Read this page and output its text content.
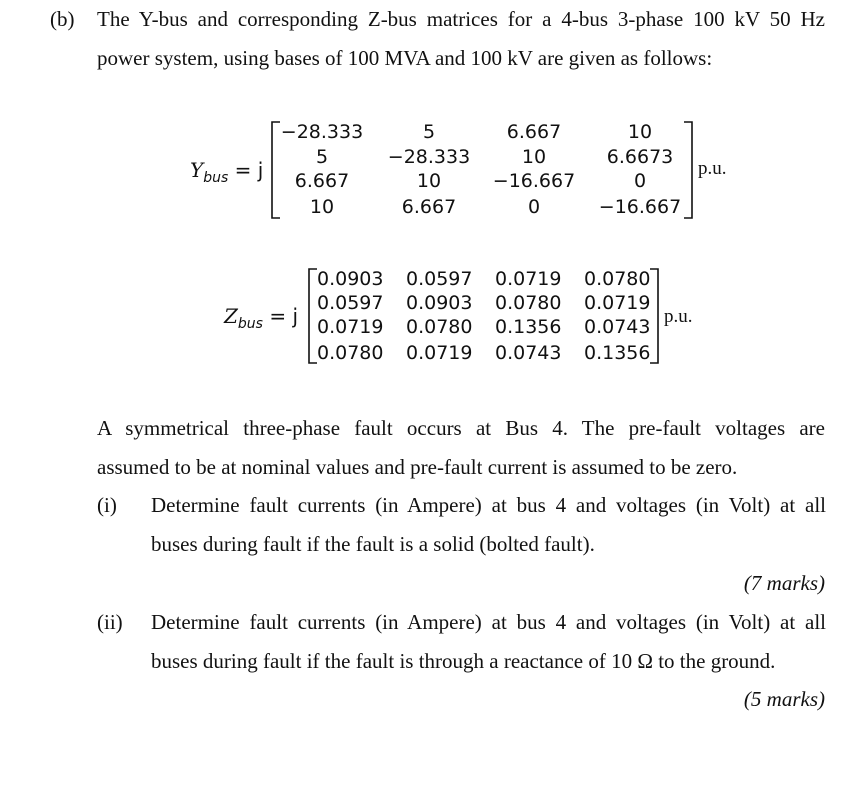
(b) The Y-bus and corresponding Z-bus matrices for a 4-bus 3-phase 100 kV 50 Hz
power system, using bases of 100 MVA and 100 kV are given as follows:
$Y_{bus} = j$
−28.333	5	6.667	10
5	−28.333	10	6.6673
6.667	10	−16.667	0
10	6.667	0	−16.667
p.u.
$Z_{bus} = j$
0.0903 0.0597 0.0719 0.0780
0.0597 0.0903 0.0780 0.0719
0.0719 0.0780 0.1356 0.0743
0.0780 0.0719 0.0743 0.1356
p.u.
A symmetrical three-phase fault occurs at Bus 4. The pre-fault voltages are
assumed to be at nominal values and pre-fault current is assumed to be zero.
(i) Determine fault currents (in Ampere) at bus 4 and voltages (in Volt) at all
buses during fault if the fault is a solid (bolted fault).
(7 marks)
(ii) Determine fault currents (in Ampere) at bus 4 and voltages (in Volt) at all
buses during fault if the fault is through a reactance of 10 Ω to the ground.
(5 marks)
